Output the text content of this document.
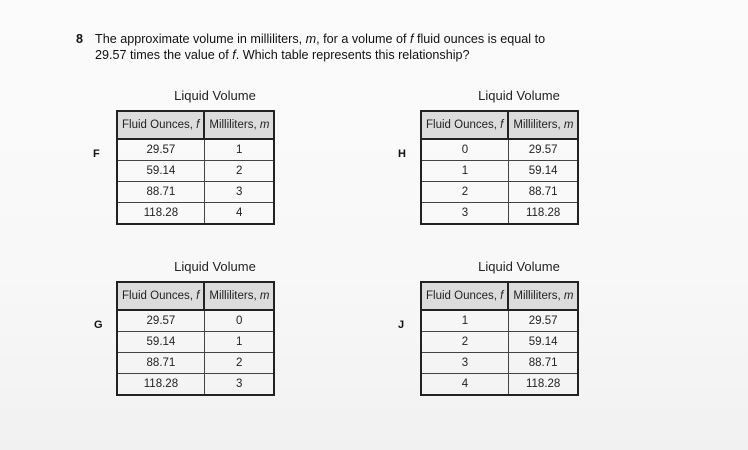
8 The approximate volume in milliliters, m, for a volume of f fluid ounces is equal to
29.57 times the value of f. Which table represents this relationship?
Liquid Volume
F
Fluid Ounces, f	Milliliters, m
29.57	1
59.14	2
88.71	3
118.28	4
Liquid Volume
H
Fluid Ounces, f	Milliliters, m
0	29.57
1	59.14
2	88.71
3	118.28
Liquid Volume
G
Fluid Ounces, f	Milliliters, m
29.57	0
59.14	1
88.71	2
118.28	3
Liquid Volume
J
Fluid Ounces, f	Milliliters, m
1	29.57
2	59.14
3	88.71
4	118.28
